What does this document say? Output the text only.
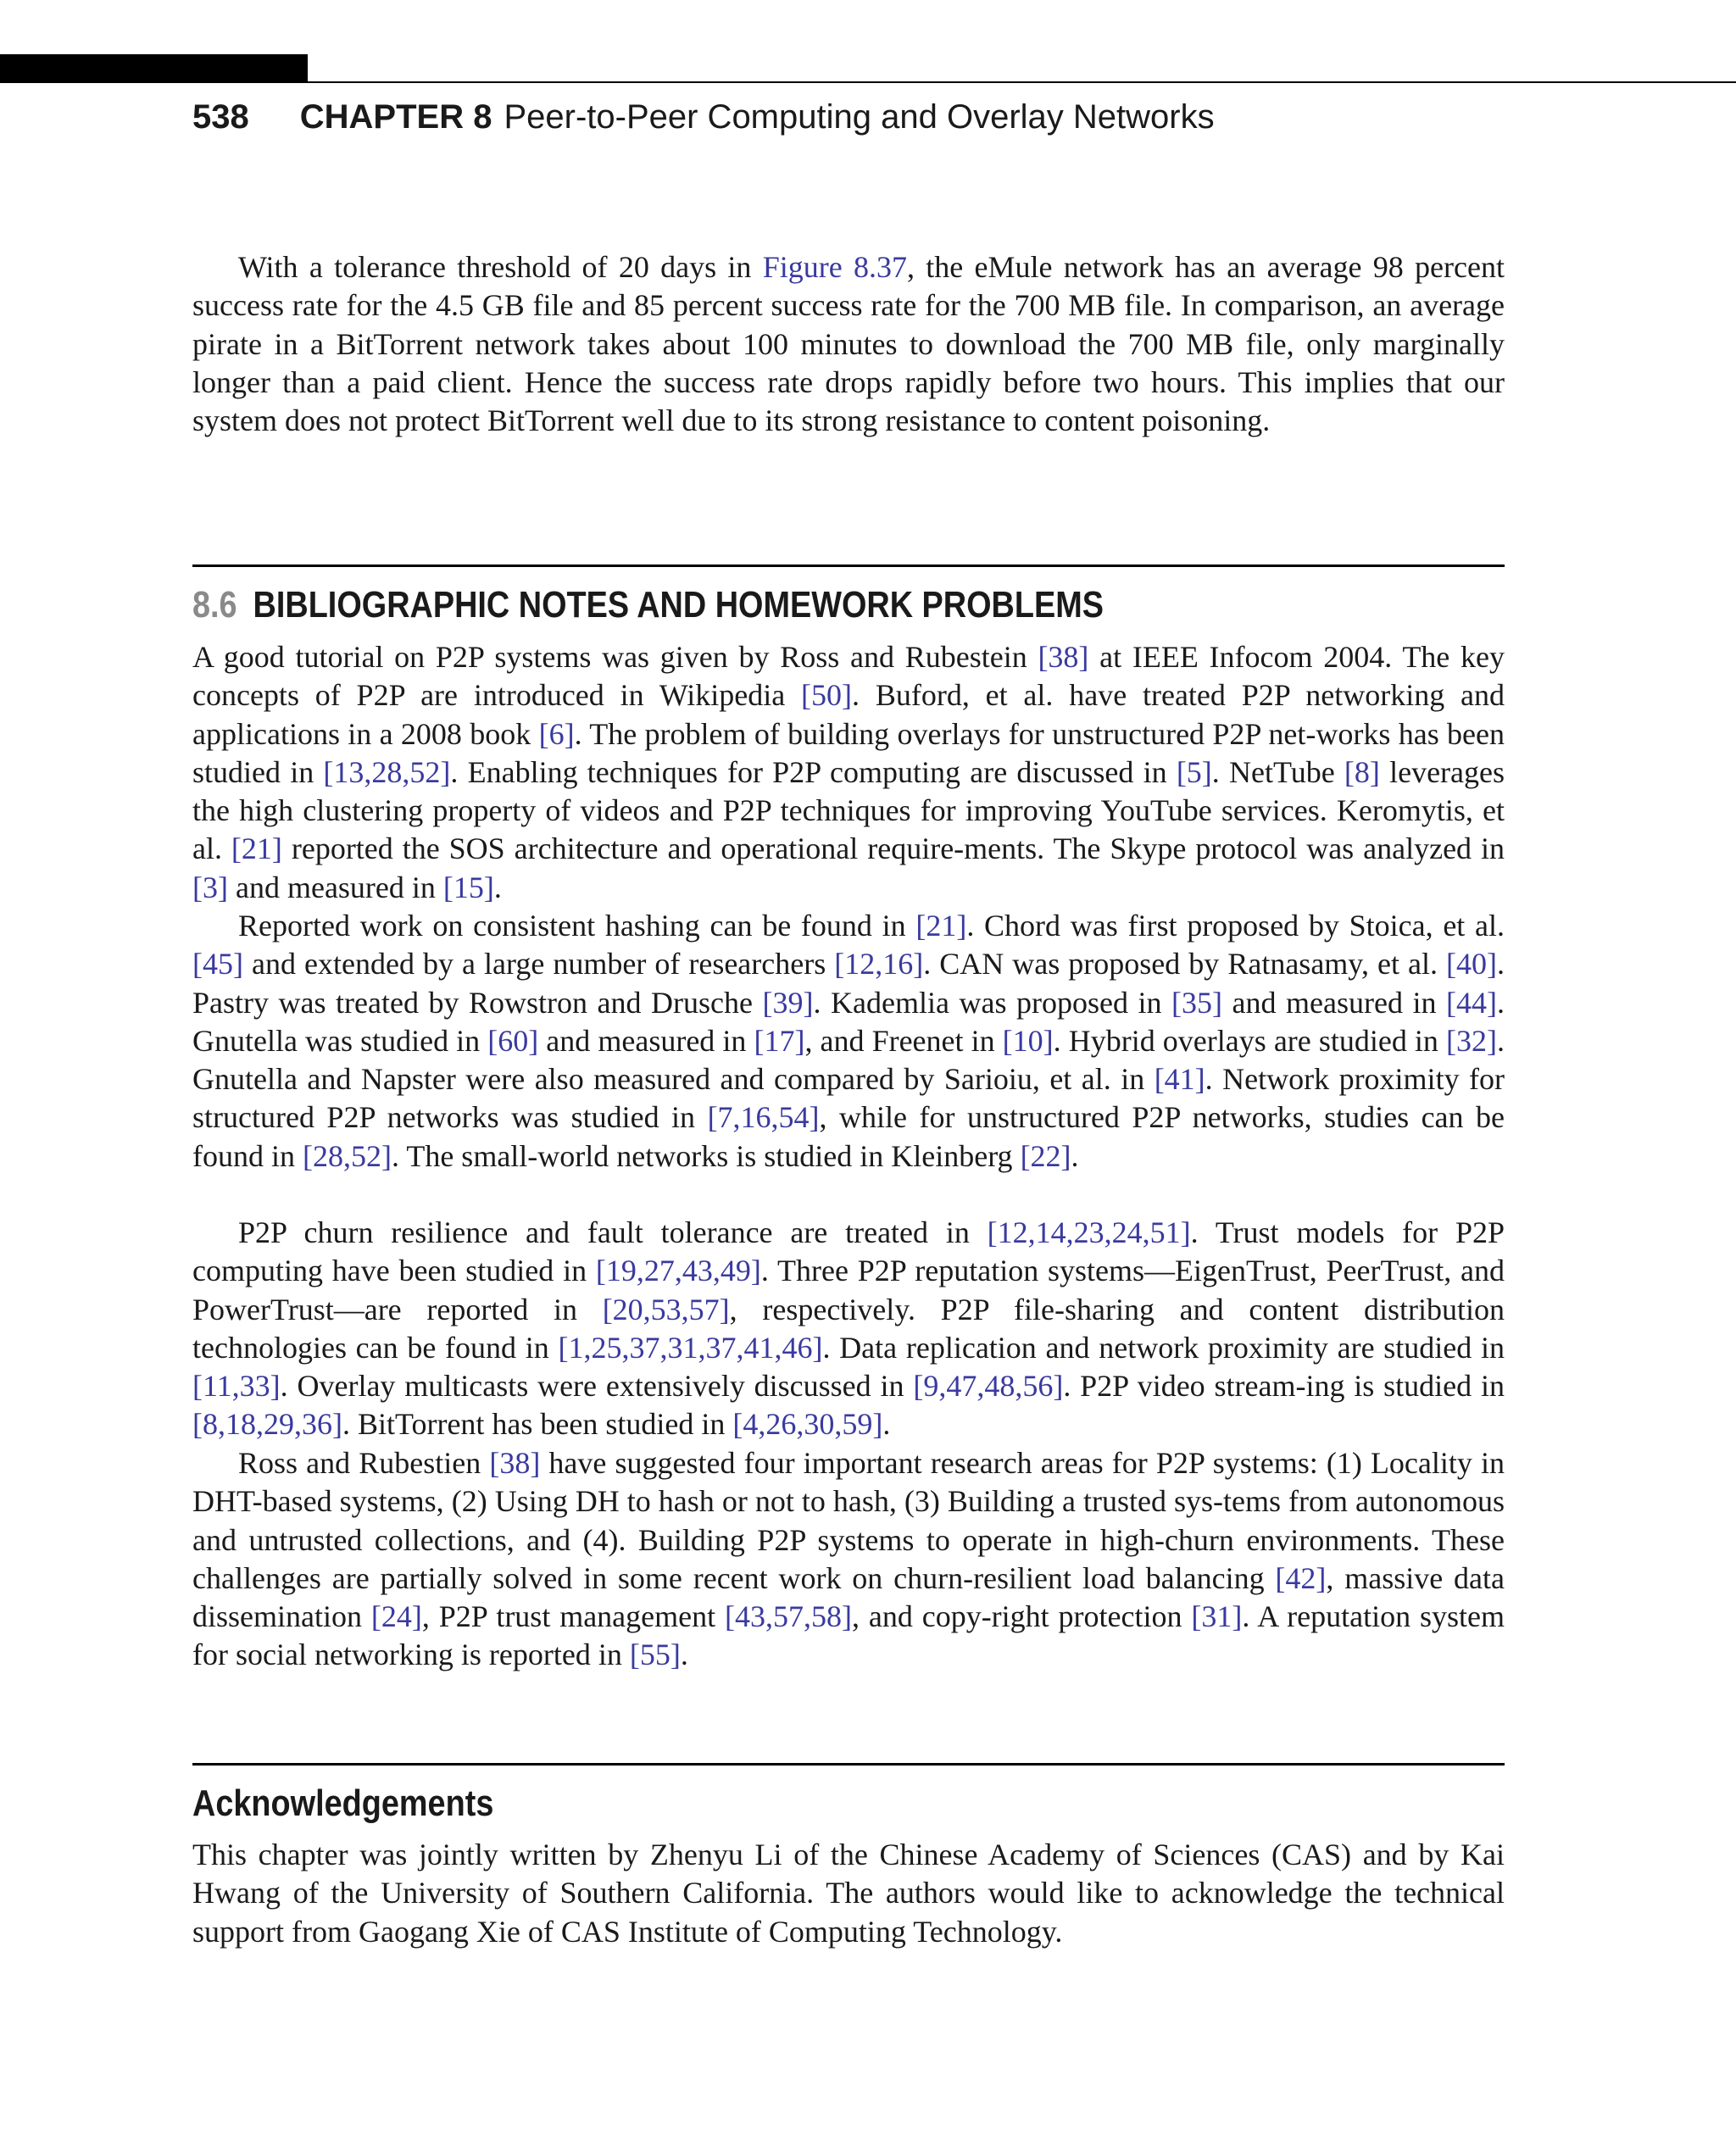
538 CHAPTER 8 Peer-to-Peer Computing and Overlay Networks

With a tolerance threshold of 20 days in Figure 8.37, the eMule network has an average 98 percent success rate for the 4.5 GB file and 85 percent success rate for the 700 MB file. In comparison, an average pirate in a BitTorrent network takes about 100 minutes to download the 700 MB file, only marginally longer than a paid client. Hence the success rate drops rapidly before two hours. This implies that our system does not protect BitTorrent well due to its strong resistance to content poisoning.

8.6 BIBLIOGRAPHIC NOTES AND HOMEWORK PROBLEMS

A good tutorial on P2P systems was given by Ross and Rubestein [38] at IEEE Infocom 2004. The key concepts of P2P are introduced in Wikipedia [50]. Buford, et al. have treated P2P networking and applications in a 2008 book [6]. The problem of building overlays for unstructured P2P net-works has been studied in [13,28,52]. Enabling techniques for P2P computing are discussed in [5]. NetTube [8] leverages the high clustering property of videos and P2P techniques for improving YouTube services. Keromytis, et al. [21] reported the SOS architecture and operational require-ments. The Skype protocol was analyzed in [3] and measured in [15].

Reported work on consistent hashing can be found in [21]. Chord was first proposed by Stoica, et al. [45] and extended by a large number of researchers [12,16]. CAN was proposed by Ratnasamy, et al. [40]. Pastry was treated by Rowstron and Drusche [39]. Kademlia was proposed in [35] and measured in [44]. Gnutella was studied in [60] and measured in [17], and Freenet in [10]. Hybrid overlays are studied in [32]. Gnutella and Napster were also measured and compared by Sarioiu, et al. in [41]. Network proximity for structured P2P networks was studied in [7,16,54], while for unstructured P2P networks, studies can be found in [28,52]. The small-world networks is studied in Kleinberg [22].

P2P churn resilience and fault tolerance are treated in [12,14,23,24,51]. Trust models for P2P computing have been studied in [19,27,43,49]. Three P2P reputation systems—EigenTrust, PeerTrust, and PowerTrust—are reported in [20,53,57], respectively. P2P file-sharing and content distribution technologies can be found in [1,25,37,31,37,41,46]. Data replication and network proximity are studied in [11,33]. Overlay multicasts were extensively discussed in [9,47,48,56]. P2P video stream-ing is studied in [8,18,29,36]. BitTorrent has been studied in [4,26,30,59].

Ross and Rubestien [38] have suggested four important research areas for P2P systems: (1) Locality in DHT-based systems, (2) Using DH to hash or not to hash, (3) Building a trusted sys-tems from autonomous and untrusted collections, and (4). Building P2P systems to operate in high-churn environments. These challenges are partially solved in some recent work on churn-resilient load balancing [42], massive data dissemination [24], P2P trust management [43,57,58], and copy-right protection [31]. A reputation system for social networking is reported in [55].

Acknowledgements

This chapter was jointly written by Zhenyu Li of the Chinese Academy of Sciences (CAS) and by Kai Hwang of the University of Southern California. The authors would like to acknowledge the technical support from Gaogang Xie of CAS Institute of Computing Technology.
